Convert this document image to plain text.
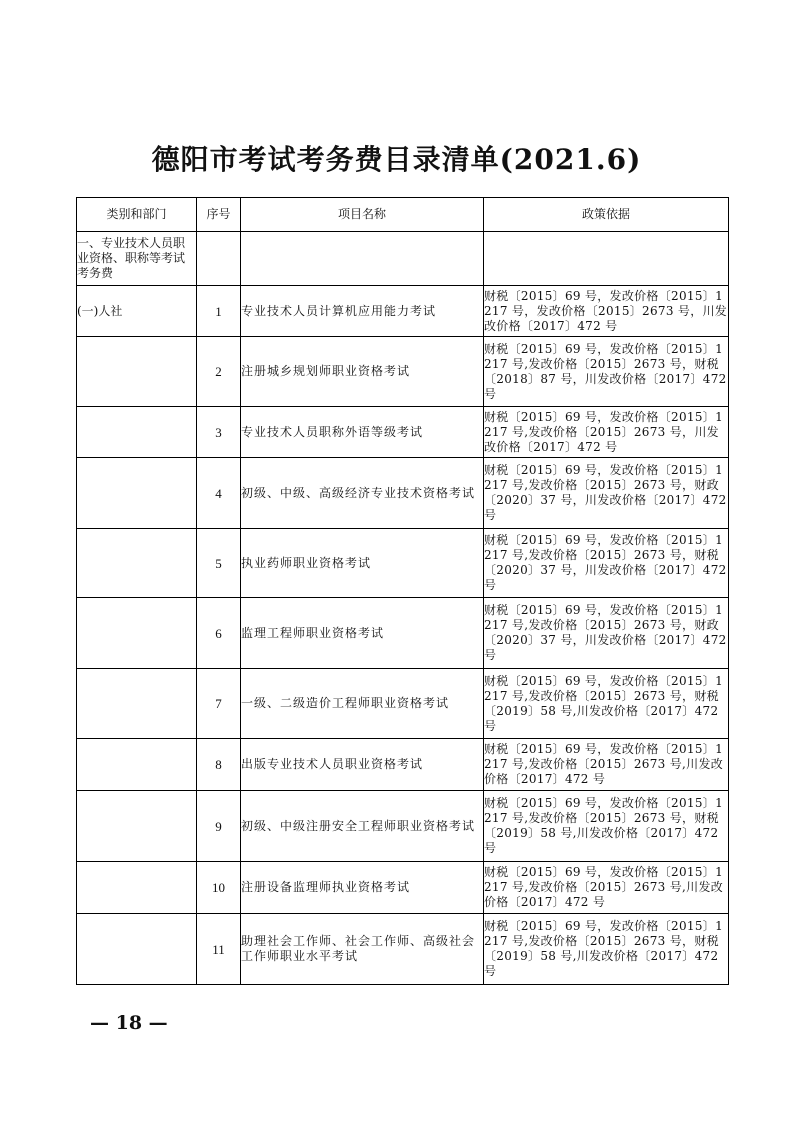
德阳市考试考务费目录清单(2021.6)
类别和部门	序号	项目名称	政策依据
一、专业技术人员职业资格、职称等考试考务费			
(一)人社	1	专业技术人员计算机应用能力考试	财税〔2015〕69 号，发改价格〔2015〕1217 号，发改价格〔2015〕2673 号，川发改价格〔2017〕472 号
	2	注册城乡规划师职业资格考试	财税〔2015〕69 号，发改价格〔2015〕1217 号,发改价格〔2015〕2673 号，财税〔2018〕87 号，川发改价格〔2017〕472 号
	3	专业技术人员职称外语等级考试	财税〔2015〕69 号，发改价格〔2015〕1217 号,发改价格〔2015〕2673 号，川发改价格〔2017〕472 号
	4	初级、中级、高级经济专业技术资格考试	财税〔2015〕69 号，发改价格〔2015〕1217 号,发改价格〔2015〕2673 号，财政〔2020〕37 号，川发改价格〔2017〕472 号
	5	执业药师职业资格考试	财税〔2015〕69 号，发改价格〔2015〕1217 号,发改价格〔2015〕2673 号，财税〔2020〕37 号，川发改价格〔2017〕472 号
	6	监理工程师职业资格考试	财税〔2015〕69 号，发改价格〔2015〕1217 号,发改价格〔2015〕2673 号，财政〔2020〕37 号，川发改价格〔2017〕472 号
	7	一级、二级造价工程师职业资格考试	财税〔2015〕69 号，发改价格〔2015〕1217 号,发改价格〔2015〕2673 号，财税〔2019〕58 号,川发改价格〔2017〕472 号
	8	出版专业技术人员职业资格考试	财税〔2015〕69 号，发改价格〔2015〕1217 号,发改价格〔2015〕2673 号,川发改价格〔2017〕472 号
	9	初级、中级注册安全工程师职业资格考试	财税〔2015〕69 号，发改价格〔2015〕1217 号,发改价格〔2015〕2673 号，财税〔2019〕58 号,川发改价格〔2017〕472 号
	10	注册设备监理师执业资格考试	财税〔2015〕69 号，发改价格〔2015〕1217 号,发改价格〔2015〕2673 号,川发改价格〔2017〕472 号
	11	助理社会工作师、社会工作师、高级社会工作师职业水平考试	财税〔2015〕69 号，发改价格〔2015〕1217 号,发改价格〔2015〕2673 号，财税〔2019〕58 号,川发改价格〔2017〕472 号
— 18 —
